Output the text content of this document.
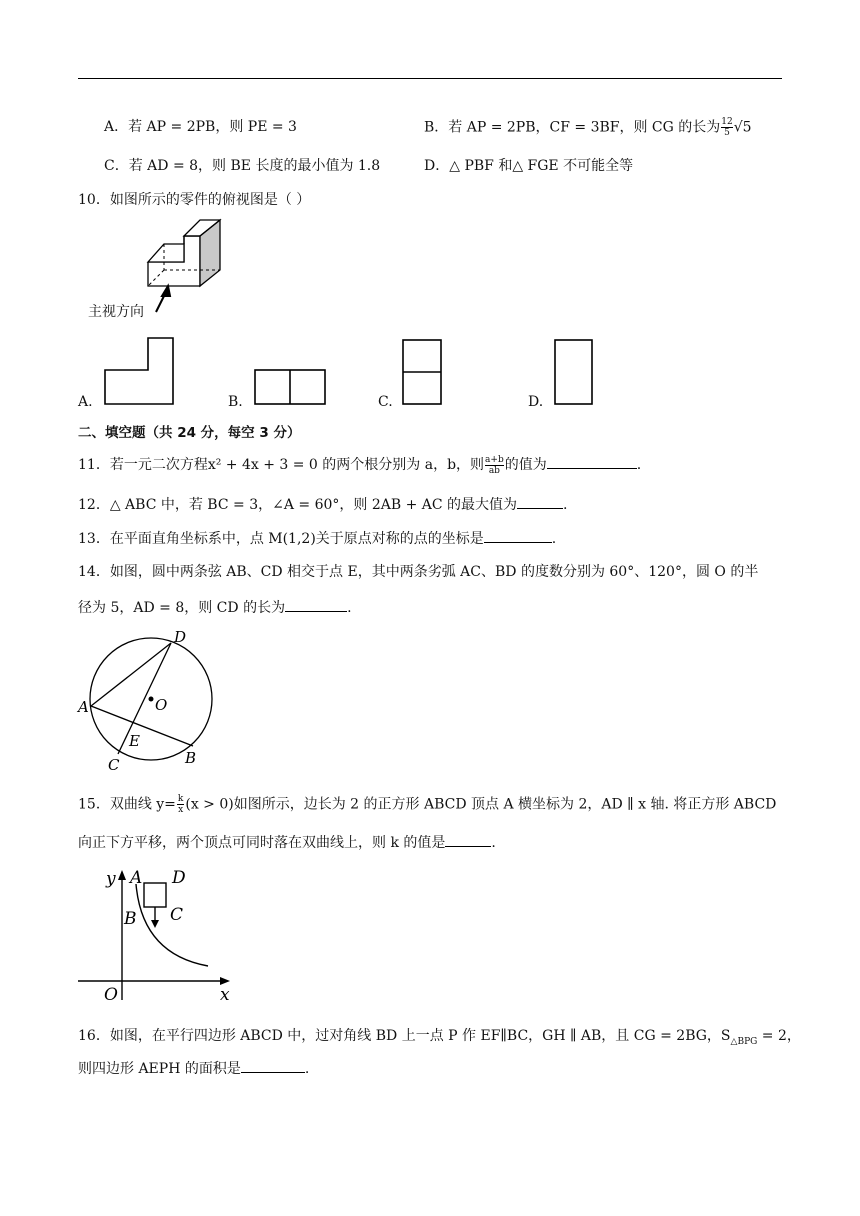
A．若 AP = 2PB，则 PE = 3	B．若 AP = 2PB，CF = 3BF，则 CG 的长为 $\frac{12}{5} √5$
C．若 AD = 8，则 BE 长度的最小值为 1.8	D．△ PBF 和△ FGE 不可能全等
10．如图所示的零件的俯视图是（ ）
主视方向
A.	B.	C.	D.
二、填空题（共 24 分，每空 3 分）
11．若一元二次方程x² + 4x + 3 = 0 的两个根分别为 a，b，则 $\frac{a+b}{ab}$ 的值为	.
12．△ ABC 中，若 BC = 3，∠A = 60°，则 2AB + AC 的最大值为	.
13．在平面直角坐标系中，点 M(1,2)关于原点对称的点的坐标是	.
14．如图，圆中两条弦 AB、CD 相交于点 E，其中两条劣弧 AC、BD 的度数分别为 60°、120°，圆 O 的半
径为 5，AD = 8，则 CD 的长为	.
A
D
O
E
B
C
15．双曲线 $y= \frac{k}{x} (x > 0)$如图所示，边长为 2 的正方形 ABCD 顶点 A 横坐标为 2，AD ∥ x 轴. 将正方形 ABCD
向正下方平移，两个顶点可同时落在双曲线上，则 k 的值是	.
y A D
B C
O	x
16．如图，在平行四边形 ABCD 中，过对角线 BD 上一点 P 作 EF∥BC，GH ∥ AB，且 CG = 2BG，$S_{\triangle BPG} = 2$，
则四边形 AEPH 的面积是	.
